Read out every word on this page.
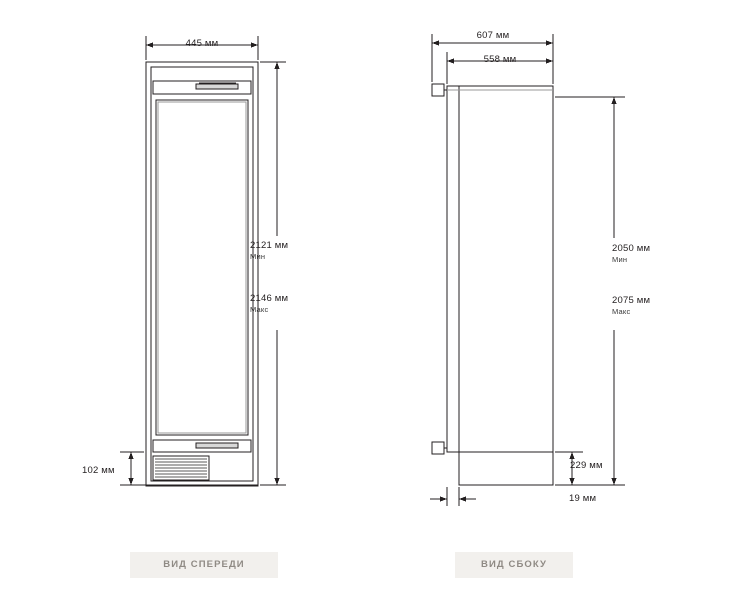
445 мм
2121 мм
Мин
2146 мм
Макс
102 мм
607 мм
558 мм
2050 мм
Мин
2075 мм
Макс
229 мм
19 мм
ВИД СПЕРЕДИ	ВИД СБОКУ
